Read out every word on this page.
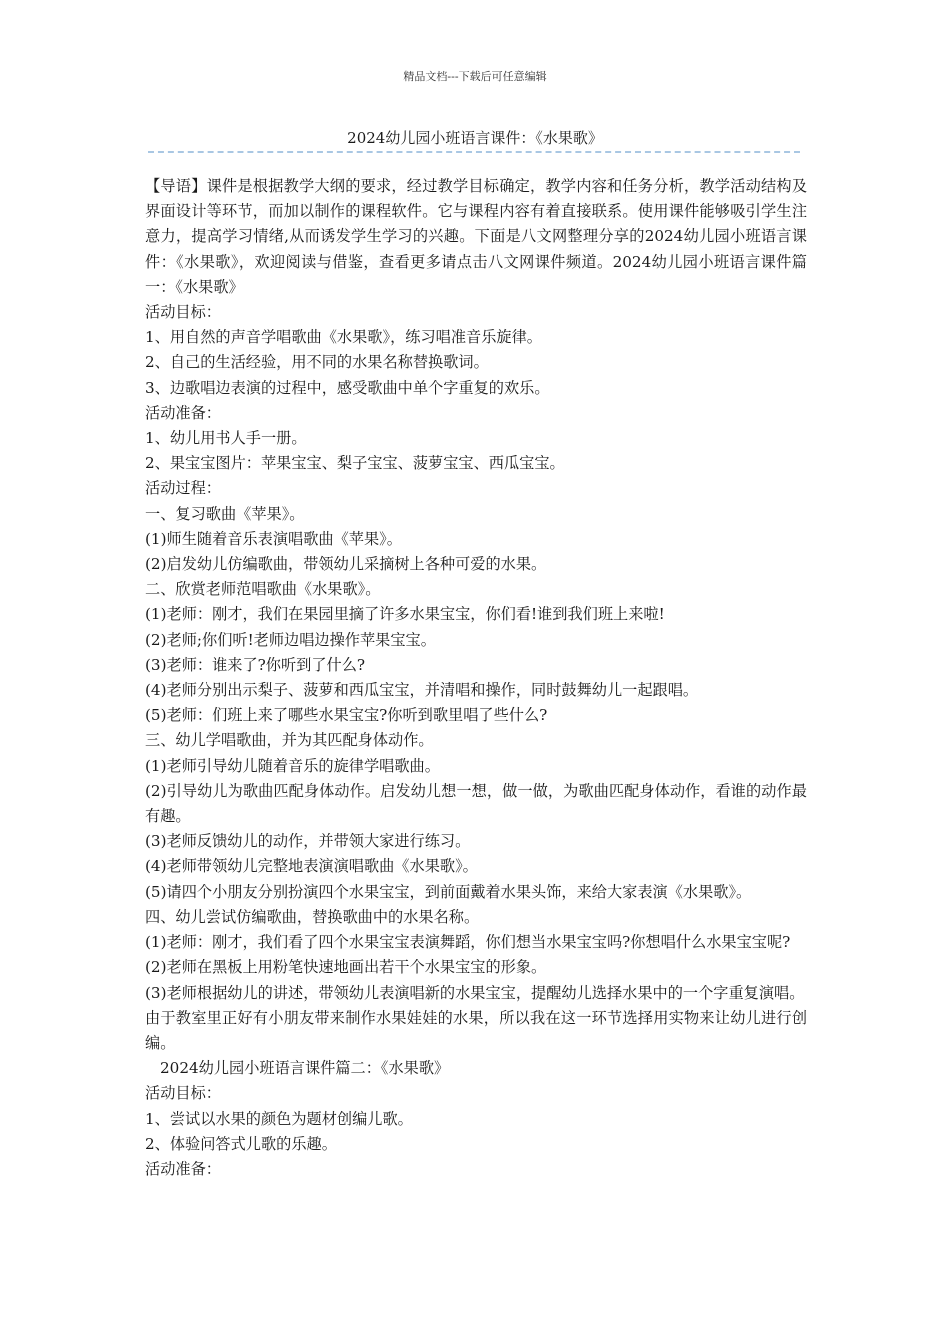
精品文档---下载后可任意编辑
2024幼儿园小班语言课件：《水果歌》

【导语】课件是根据教学大纲的要求，经过教学目标确定，教学内容和任务分析，教学活动结构及界面设计等环节，而加以制作的课程软件。它与课程内容有着直接联系。使用课件能够吸引学生注意力，提高学习情绪,从而诱发学生学习的兴趣。下面是八文网整理分享的2024幼儿园小班语言课件：《水果歌》，欢迎阅读与借鉴，查看更多请点击八文网课件频道。2024幼儿园小班语言课件篇一：《水果歌》

活动目标：

1、用自然的声音学唱歌曲《水果歌》，练习唱准音乐旋律。

2、自己的生活经验，用不同的水果名称替换歌词。

3、边歌唱边表演的过程中，感受歌曲中单个字重复的欢乐。

活动准备：

1、幼儿用书人手一册。

2、果宝宝图片：苹果宝宝、梨子宝宝、菠萝宝宝、西瓜宝宝。

活动过程：

一、复习歌曲《苹果》。

(1)师生随着音乐表演唱歌曲《苹果》。

(2)启发幼儿仿编歌曲，带领幼儿采摘树上各种可爱的水果。

二、欣赏老师范唱歌曲《水果歌》。

(1)老师：刚才，我们在果园里摘了许多水果宝宝，你们看!谁到我们班上来啦!

(2)老师;你们听!老师边唱边操作苹果宝宝。

(3)老师：谁来了?你听到了什么?

(4)老师分别出示梨子、菠萝和西瓜宝宝，并清唱和操作，同时鼓舞幼儿一起跟唱。

(5)老师：们班上来了哪些水果宝宝?你听到歌里唱了些什么?

三、幼儿学唱歌曲，并为其匹配身体动作。

(1)老师引导幼儿随着音乐的旋律学唱歌曲。

(2)引导幼儿为歌曲匹配身体动作。启发幼儿想一想，做一做，为歌曲匹配身体动作，看谁的动作最有趣。

(3)老师反馈幼儿的动作，并带领大家进行练习。

(4)老师带领幼儿完整地表演演唱歌曲《水果歌》。

(5)请四个小朋友分别扮演四个水果宝宝，到前面戴着水果头饰，来给大家表演《水果歌》。

四、幼儿尝试仿编歌曲，替换歌曲中的水果名称。

(1)老师：刚才，我们看了四个水果宝宝表演舞蹈，你们想当水果宝宝吗?你想唱什么水果宝宝呢?

(2)老师在黑板上用粉笔快速地画出若干个水果宝宝的形象。

(3)老师根据幼儿的讲述，带领幼儿表演唱新的水果宝宝，提醒幼儿选择水果中的一个字重复演唱。

由于教室里正好有小朋友带来制作水果娃娃的水果，所以我在这一环节选择用实物来让幼儿进行创编。

2024幼儿园小班语言课件篇二：《水果歌》

活动目标：

1、尝试以水果的颜色为题材创编儿歌。

2、体验问答式儿歌的乐趣。

活动准备：
